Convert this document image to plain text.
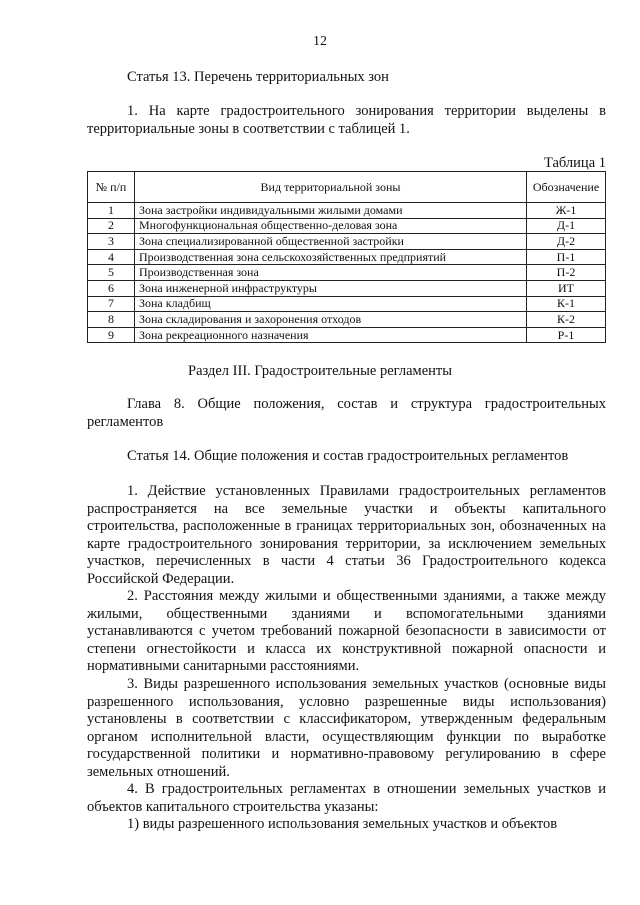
12
Статья 13. Перечень территориальных зон
1. На карте градостроительного зонирования территории выделены в территориальные зоны в соответствии с таблицей 1.
Таблица 1
№ п/п	Вид территориальной зоны	Обозначение
1	Зона застройки индивидуальными жилыми домами	Ж-1
2	Многофункциональная общественно-деловая зона	Д-1
3	Зона специализированной общественной застройки	Д-2
4	Производственная зона сельскохозяйственных предприятий	П-1
5	Производственная зона	П-2
6	Зона инженерной инфраструктуры	ИТ
7	Зона кладбищ	К-1
8	Зона складирования и захоронения отходов	К-2
9	Зона рекреационного назначения	Р-1
Раздел III. Градостроительные регламенты
Глава 8. Общие положения, состав и структура градостроительных регламентов
Статья 14. Общие положения и состав градостроительных регламентов
1. Действие установленных Правилами градостроительных регламентов распространяется на все земельные участки и объекты капитального строительства, расположенные в границах территориальных зон, обозначенных на карте градостроительного зонирования территории, за исключением земельных участков, перечисленных в части 4 статьи 36 Градостроительного кодекса Российской Федерации.
2. Расстояния между жилыми и общественными зданиями, а также между жилыми, общественными зданиями и вспомогательными зданиями устанавливаются с учетом требований пожарной безопасности в зависимости от степени огнестойкости и класса их конструктивной пожарной опасности и нормативными санитарными расстояниями.
3. Виды разрешенного использования земельных участков (основные виды разрешенного использования, условно разрешенные виды использования) установлены в соответствии с классификатором, утвержденным федеральным органом исполнительной власти, осуществляющим функции по выработке государственной политики и нормативно-правовому регулированию в сфере земельных отношений.
4. В градостроительных регламентах в отношении земельных участков и объектов капитального строительства указаны:
1) виды разрешенного использования земельных участков и объектов
